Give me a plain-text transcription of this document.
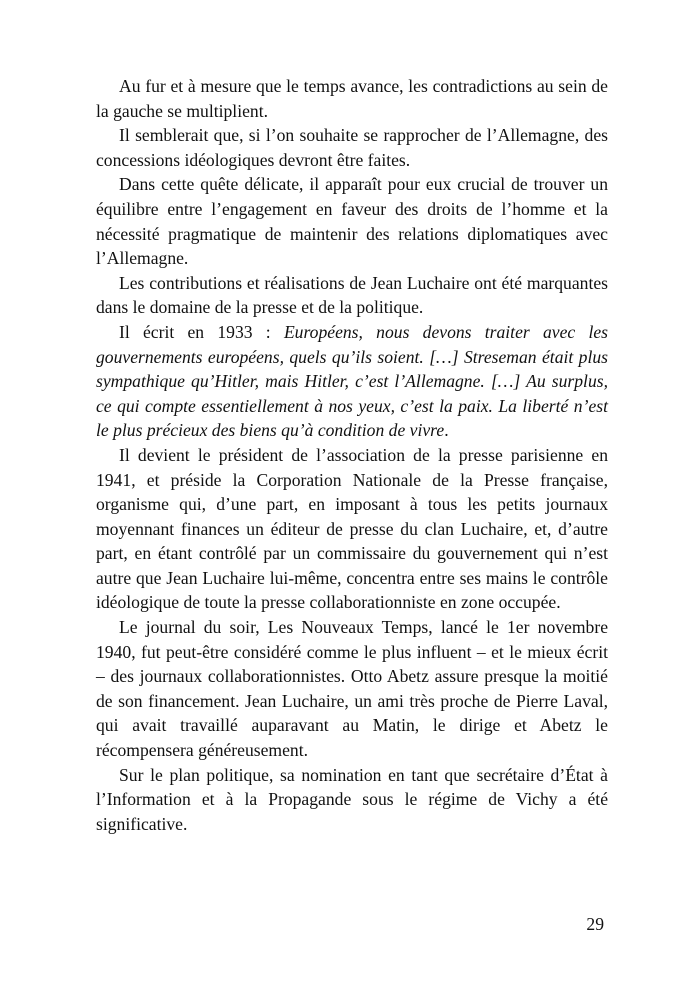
Au fur et à mesure que le temps avance, les contradictions au sein de la gauche se multiplient.

Il semblerait que, si l’on souhaite se rapprocher de l’Allemagne, des concessions idéologiques devront être faites.

Dans cette quête délicate, il apparaît pour eux crucial de trouver un équilibre entre l’engagement en faveur des droits de l’homme et la nécessité pragmatique de maintenir des relations diplomatiques avec l’Allemagne.

Les contributions et réalisations de Jean Luchaire ont été marquantes dans le domaine de la presse et de la politique.

Il écrit en 1933 : Européens, nous devons traiter avec les gouvernements européens, quels qu’ils soient. […] Streseman était plus sympathique qu’Hitler, mais Hitler, c’est l’Allemagne. […] Au surplus, ce qui compte essentiellement à nos yeux, c’est la paix. La liberté n’est le plus précieux des biens qu’à condition de vivre.

Il devient le président de l’association de la presse parisienne en 1941, et préside la Corporation Nationale de la Presse française, organisme qui, d’une part, en imposant à tous les petits journaux moyennant finances un éditeur de presse du clan Luchaire, et, d’autre part, en étant contrôlé par un commissaire du gouvernement qui n’est autre que Jean Luchaire lui-même, concentra entre ses mains le contrôle idéologique de toute la presse collaborationniste en zone occupée.

Le journal du soir, Les Nouveaux Temps, lancé le 1er novembre 1940, fut peut-être considéré comme le plus influent – et le mieux écrit – des journaux collaborationnistes. Otto Abetz assure presque la moitié de son financement. Jean Luchaire, un ami très proche de Pierre Laval, qui avait travaillé auparavant au Matin, le dirige et Abetz le récompensera généreusement.

Sur le plan politique, sa nomination en tant que secrétaire d’État à l’Information et à la Propagande sous le régime de Vichy a été significative.

29
